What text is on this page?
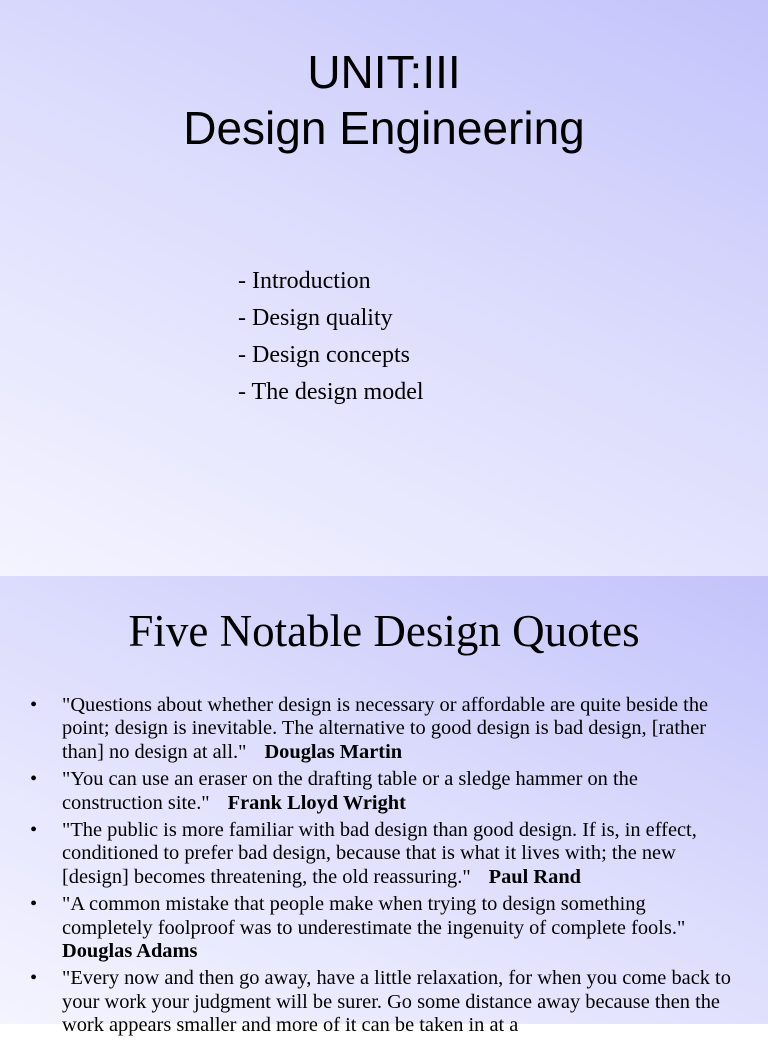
UNIT:III
Design Engineering
- Introduction
- Design quality
- Design concepts
- The design model
Five Notable Design Quotes
• "Questions about whether design is necessary or affordable are quite beside the point; design is inevitable. The alternative to good design is bad design, [rather than] no design at all." Douglas Martin
• "You can use an eraser on the drafting table or a sledge hammer on the construction site." Frank Lloyd Wright
• "The public is more familiar with bad design than good design. If is, in effect, conditioned to prefer bad design, because that is what it lives with; the new [design] becomes threatening, the old reassuring." Paul Rand
• "A common mistake that people make when trying to design something completely foolproof was to underestimate the ingenuity of complete fools."
Douglas Adams
• "Every now and then go away, have a little relaxation, for when you come back to your work your judgment will be surer. Go some distance away because then the work appears smaller and more of it can be taken in at a
